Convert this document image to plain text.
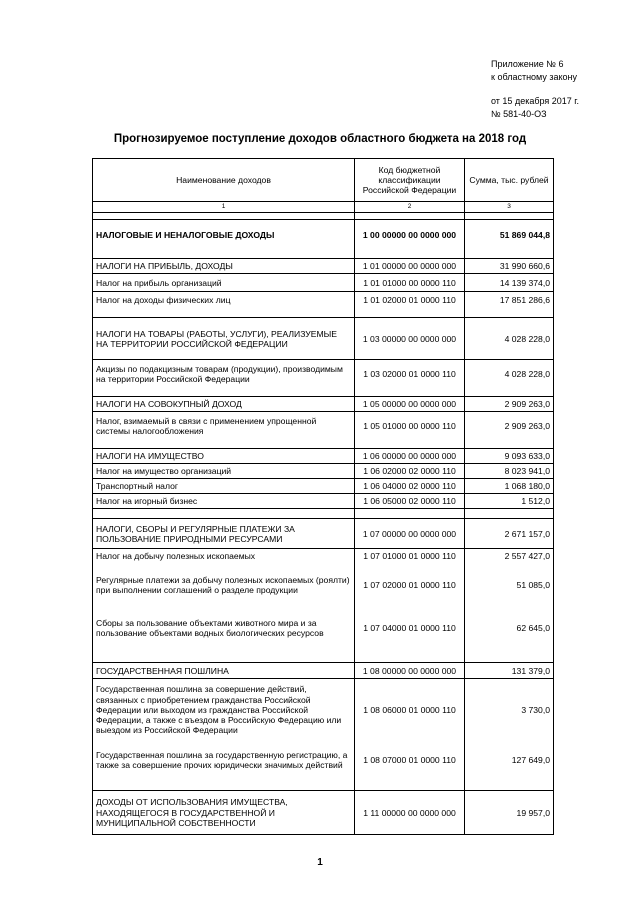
Приложение № 6
к областному закону
от 15 декабря 2017 г.
№ 581-40-ОЗ
Прогнозируемое поступление доходов областного бюджета на 2018 год
Наименование доходов	Код бюджетной классификации Российской Федерации	Сумма, тыс. рублей
1	2	3

НАЛОГОВЫЕ И НЕНАЛОГОВЫЕ ДОХОДЫ	1 00 00000 00 0000 000	51 869 044,8

НАЛОГИ НА ПРИБЫЛЬ, ДОХОДЫ	1 01 00000 00 0000 000	31 990 660,6
Налог на прибыль организаций	1 01 01000 00 0000 110	14 139 374,0
Налог на доходы физических лиц	1 01 02000 01 0000 110	17 851 286,6

НАЛОГИ НА ТОВАРЫ (РАБОТЫ, УСЛУГИ), РЕАЛИЗУЕМЫЕ НА ТЕРРИТОРИИ РОССИЙСКОЙ ФЕДЕРАЦИИ	1 03 00000 00 0000 000	4 028 228,0
Акцизы по подакцизным товарам (продукции), производимым на территории Российской Федерации	1 03 02000 01 0000 110	4 028 228,0

НАЛОГИ НА СОВОКУПНЫЙ ДОХОД	1 05 00000 00 0000 000	2 909 263,0
Налог, взимаемый в связи с применением упрощенной системы налогообложения	1 05 01000 00 0000 110	2 909 263,0

НАЛОГИ НА ИМУЩЕСТВО	1 06 00000 00 0000 000	9 093 633,0
Налог на имущество организаций	1 06 02000 02 0000 110	8 023 941,0
Транспортный налог	1 06 04000 02 0000 110	1 068 180,0
Налог на игорный бизнес	1 06 05000 02 0000 110	1 512,0

НАЛОГИ, СБОРЫ И РЕГУЛЯРНЫЕ ПЛАТЕЖИ ЗА ПОЛЬЗОВАНИЕ ПРИРОДНЫМИ РЕСУРСАМИ	1 07 00000 00 0000 000	2 671 157,0
Налог на добычу полезных ископаемых	1 07 01000 01 0000 110	2 557 427,0
Регулярные платежи за добычу полезных ископаемых (роялти) при выполнении соглашений о разделе продукции	1 07 02000 01 0000 110	51 085,0
Сборы за пользование объектами животного мира и за пользование объектами водных биологических ресурсов	1 07 04000 01 0000 110	62 645,0

ГОСУДАРСТВЕННАЯ ПОШЛИНА	1 08 00000 00 0000 000	131 379,0
Государственная пошлина за совершение действий, связанных с приобретением гражданства Российской Федерации или выходом из гражданства Российской Федерации, а также с въездом в Российскую Федерацию или выездом из Российской Федерации	1 08 06000 01 0000 110	3 730,0
Государственная пошлина за государственную регистрацию, а также за совершение прочих юридически значимых действий	1 08 07000 01 0000 110	127 649,0

ДОХОДЫ ОТ ИСПОЛЬЗОВАНИЯ ИМУЩЕСТВА, НАХОДЯЩЕГОСЯ В ГОСУДАРСТВЕННОЙ И МУНИЦИПАЛЬНОЙ СОБСТВЕННОСТИ	1 11 00000 00 0000 000	19 957,0
1
